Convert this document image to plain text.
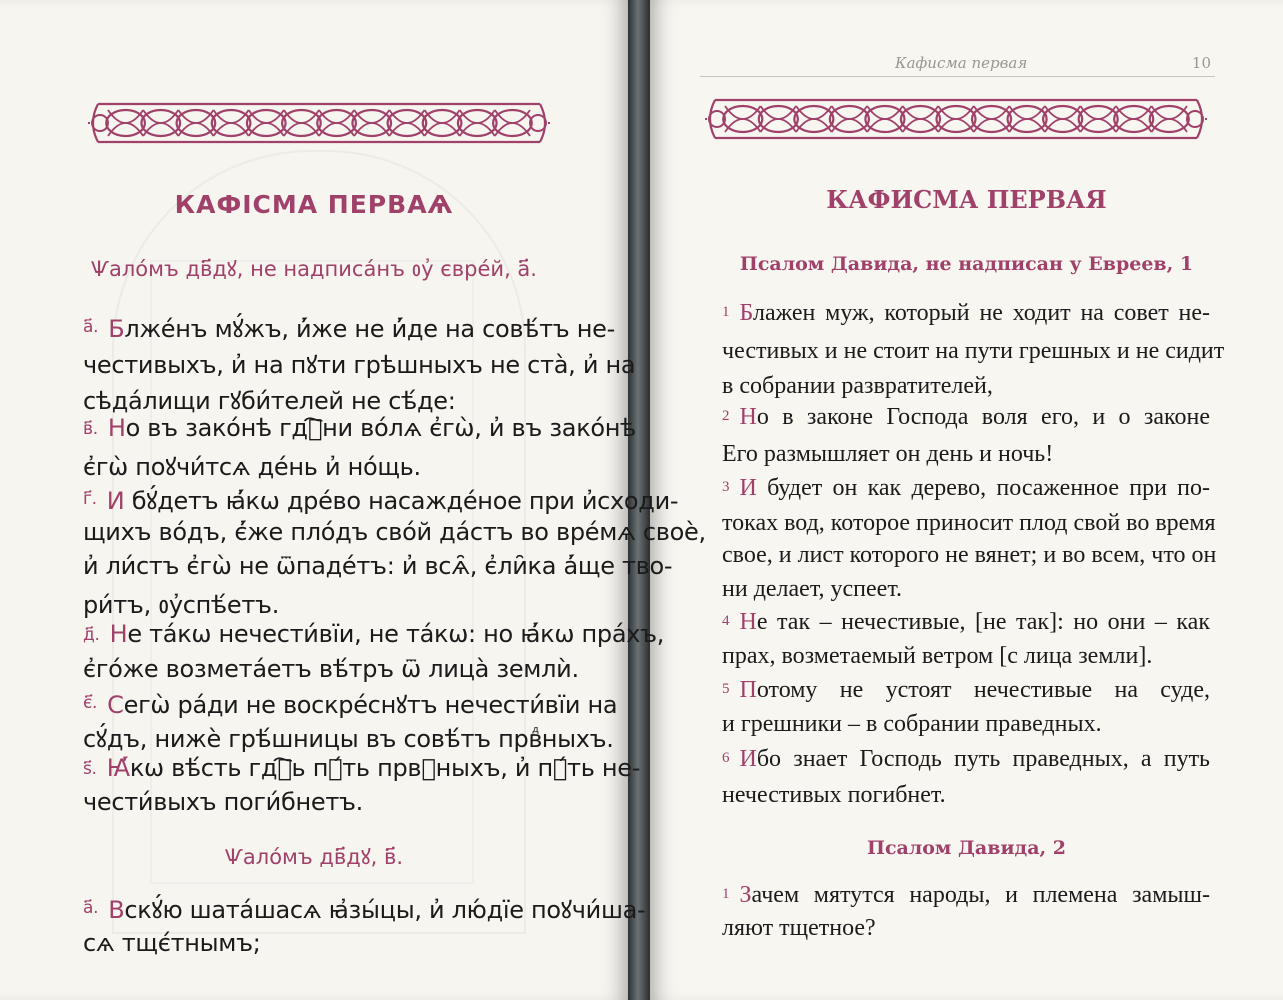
Кафисма первая	10
КАФІСМА ПЕРВАѦ
Ѱало́мъ дв҃дꙋ, не надписа́нъ ᲂу҆ євре́й, а҃.
Ѱало́мъ дв҃дꙋ, в҃.
КАФИСМА ПЕРВАЯ
Псалом Давида, не надписан у Евреев, 1
Псалом Давида, 2
а҃. Блже́нъ мꙋ́жъ, и҆́же не и҆́де на совѣ́тъ не-
честивыхъ, и҆ на пꙋти грѣшныхъ не ста̀, и҆ на
сѣда́лищи гꙋби́телей не сѣ́де:
в҃. Но въ зако́нѣ гдⷭ҇ни во́лѧ є҆гѡ̀, и҆ въ зако́нѣ
є҆гѡ̀ поꙋчи́тсѧ де́нь и҆ но́щь.
г҃. И бꙋ́детъ ꙗ҆́кѡ дре́во насажде́ное при и҆сходи-
щихъ во́дъ, є҆́же пло́дъ сво́й да́стъ во вре́мѧ своѐ,
и҆ ли́стъ є҆гѡ̀ не ѿпаде́тъ: и҆ всѧ̑, є҆ли̑ка а҆́ще тво-
ри́тъ, ᲂу҆спѣ́етъ.
д҃. Не та́кѡ нечести́вїи, не та́кѡ: но ꙗ҆́кѡ пра́хъ,
є҆го́же возмета́етъ вѣ́тръ ѿ лица̀ землѝ.
є҃. Сегѡ̀ ра́ди не воскре́снꙋтъ нечести́вїи на
сꙋ́дъ, нижѐ грѣ́шницы въ совѣ́тъ првⷣныхъ.
ѕ҃. Ꙗ҆́кѡ вѣ́сть гдⷭ҇ь пꙋ́ть првⷣныхъ, и҆ пꙋ́ть не-
чести́выхъ поги́бнетъ.
а҃. Вскꙋ́ю шата́шасѧ ꙗ҆зы́цы, и҆ лю́дїе поꙋчи́ша-
сѧ тщє́тнымъ;
1 Блажен муж, который не ходит на совет не-
честивых и не стоит на пути грешных и не сидит
в собрании развратителей,
2 Но в законе Господа воля его, и о законе
Его размышляет он день и ночь!
3 И будет он как дерево, посаженное при по-
токах вод, которое приносит плод свой во время
свое, и лист которого не вянет; и во всем, что он
ни делает, успеет.
4 Не так – нечестивые, [не так]: но они – как
прах, возметаемый ветром [с лица земли].
5 Потому не устоят нечестивые на суде,
и грешники – в собрании праведных.
6 Ибо знает Господь путь праведных, а путь
нечестивых погибнет.
1 Зачем мятутся народы, и племена замыш-
ляют тщетное?
